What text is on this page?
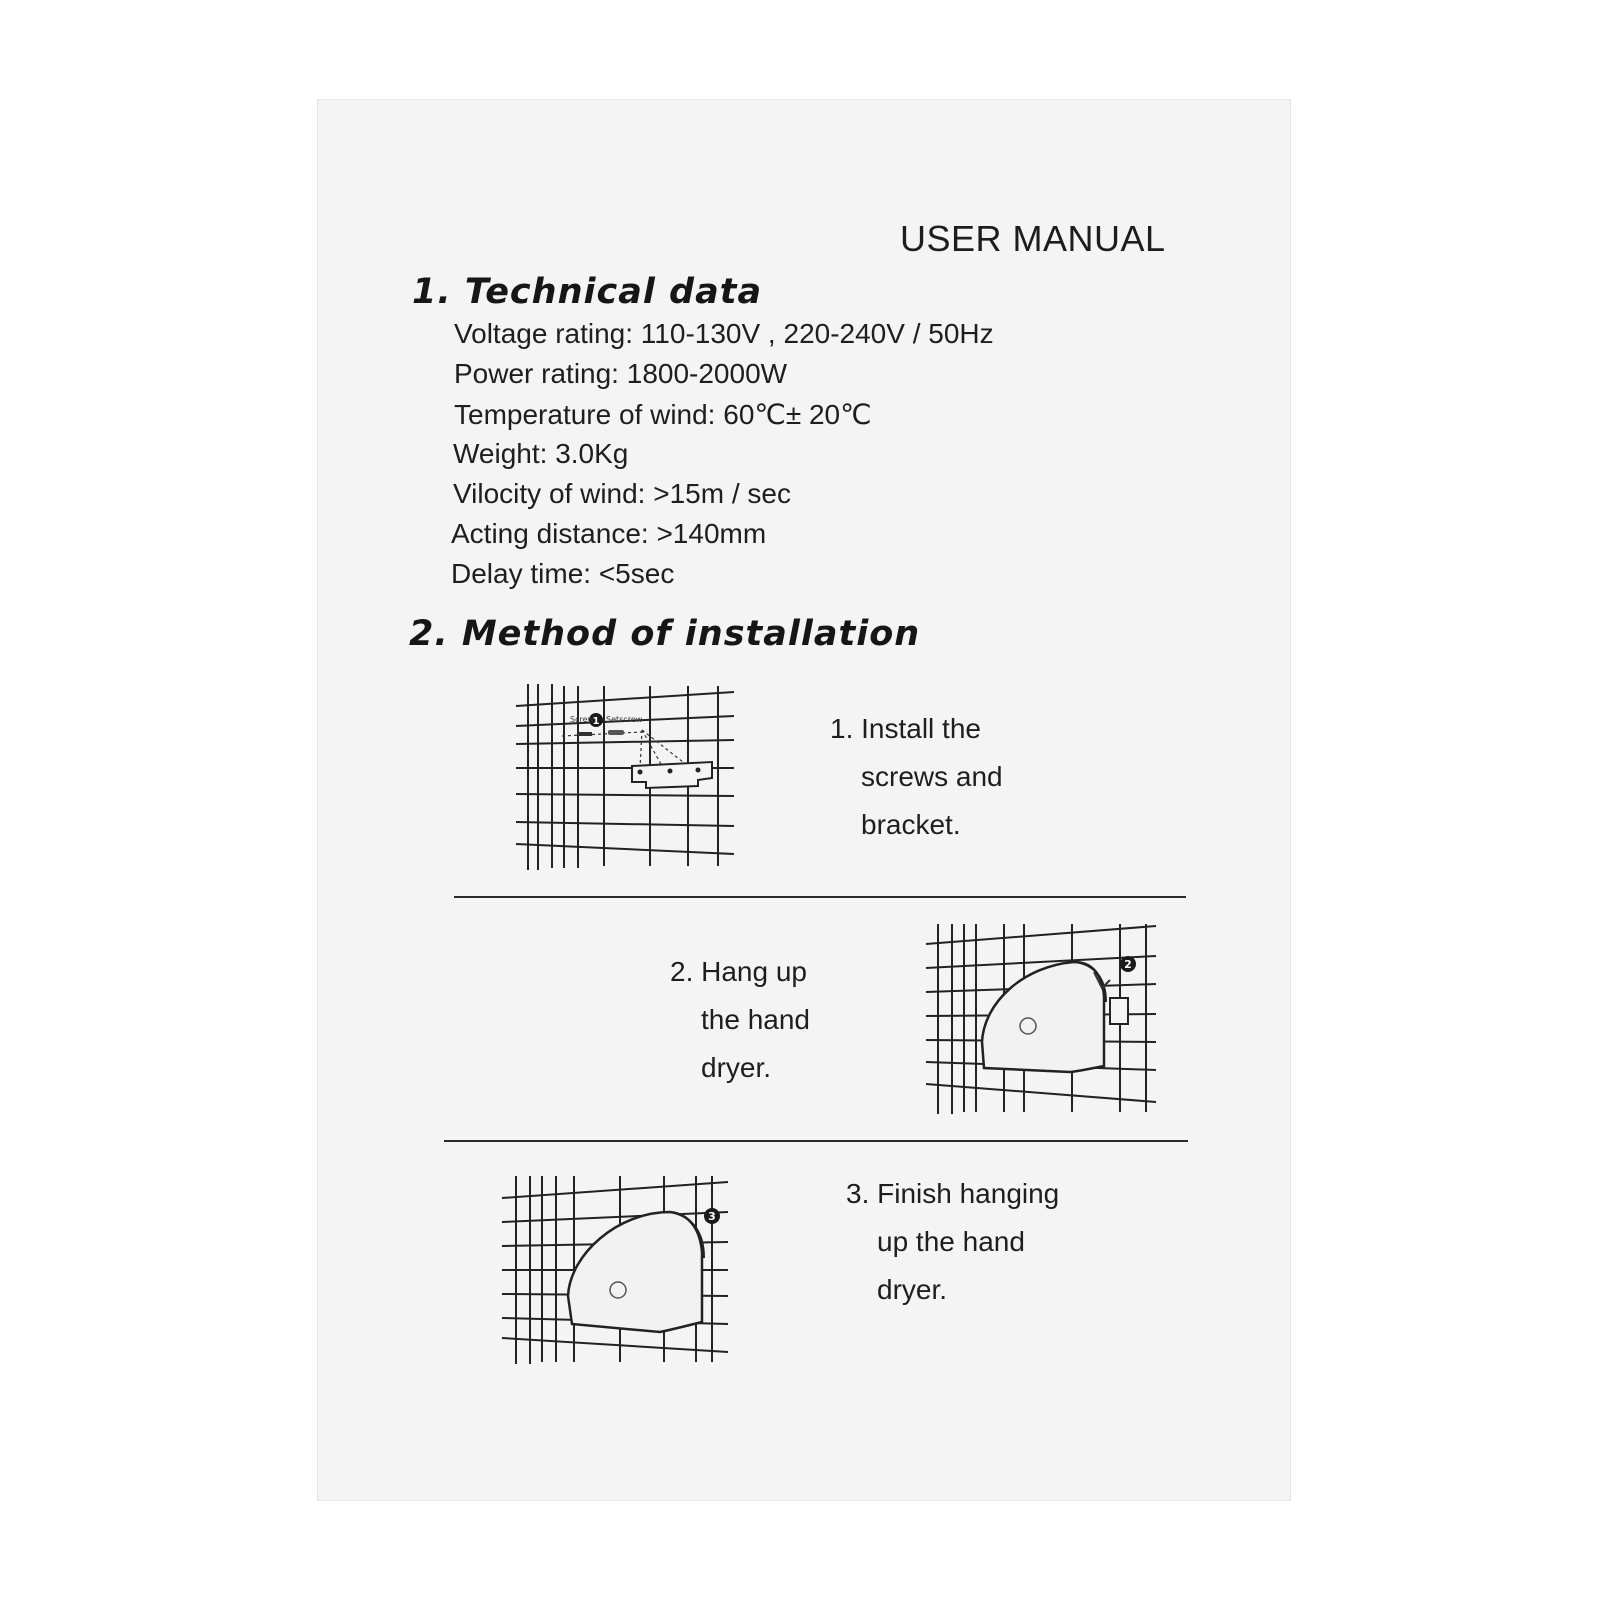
USER MANUAL
1. Technical data
Voltage rating: 110-130V , 220-240V / 50Hz
Power rating: 1800-2000W
Temperature of wind: 60℃± 20℃
Weight: 3.0Kg
Vilocity of wind: >15m / sec
Acting distance: >140mm
Delay time: <5sec
2. Method of installation
1
Screw Setscrew	1. Install the
screws and
bracket.
2. Hang up
the hand
dryer.
2
3
3. Finish hanging
up the hand
dryer.
